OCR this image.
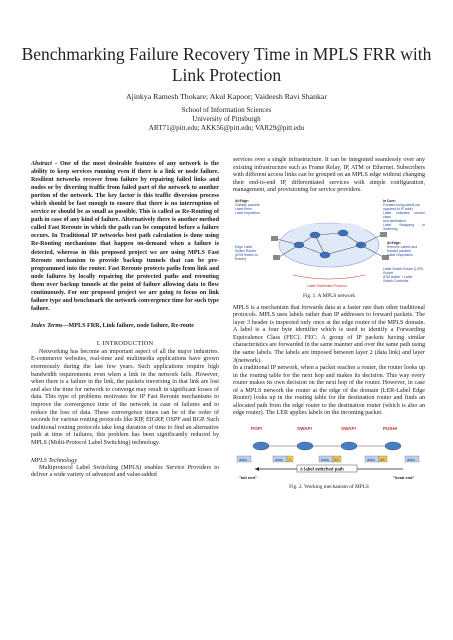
Benchmarking Failure Recovery Time in MPLS FRR with Link Protection
Ajinkya Ramesh Thokare; Akul Kapoor; Vaideesh Ravi Shankar
School of Information Sciences
University of Pittsburgh
ART71@pitt.edu; AKK56@pitt.edu; VAR29@pitt.edu

Abstract - One of the most desirable features of any network is the ability to keep services running even if there is a link or node failure. Resilient networks recover from failure by repairing failed links and nodes or by diverting traffic from failed part of the network to another portion of the network. The key factor is this traffic diversion process which should be fast enough to ensure that there is no interruption of service or should be as small as possible. This is called as Re-Routing of path in case of any kind of failure. Alternatively there is another method called Fast Reroute in which the path can be computed before a failure occurs. In Traditional IP networks best path calculation is done using Re-Routing mechanisms that happen on-demand when a failure is detected, whereas in this proposed project we are using MPLS Fast Reroute mechanism to provide backup tunnels that can be pre-programmed into the router. Fast Reroute protects paths from link and node failures by locally repairing the protected paths and rerouting them over backup tunnels at the point of failure allowing data to flow continuously. For our proposed project we are going to focus on link failure type and benchmark the network convergence time for such type failure.

Index Terms—MPLS FRR, Link failure, node failure, Re-route

I. INTRODUCTION

Networking has become an important aspect of all the major industries. E-commerce websites, real-time and multimedia applications have grown enormously during the last few years. Such applications require high bandwidth requirements even when a link in the network fails. However, when there is a failure in the link, the packets traversing in that link are lost and also the time for network to converge may result in significant losses of data. This type of problems motivates for IP Fast Reroute mechanisms to improve the convergence time of the network in case of failures and to reduce the loss of data. These convergence times can be of the order of seconds for various routing protocols like RIP, EIGRP, OSPF and BGP. Such traditional routing protocols take long duration of time to find an alternative path at time of failures, this problem has been significantly reduced by MPLS (Multi-Protocol Label Switching) technology.

MPLS Technology

Multiprotocol Label Switching (MPLS) enables Service Providers to deliver a wide variety of advanced and value-added

services over a single infrastructure. It can be integrated seamlessly over any existing infrastructure such as Frame Relay, IP, ATM or Ethernet. Subscribers with different access links can be grouped on an MPLS edge without changing their end-to-end IP, differentiated services with simple configuration, management, and provisioning for service providers.

At Edge:
Classify packets
Label them
Label Imposition
Edge Label
Switch Router
(ATM Switch or
Router)
In Core:
Forward using labels (as
opposed to IP addr)
Label indicates service class
and destination
Label Swapping or Switching
At Edge:
Remove Labels and
forward packets
Label Disposition
Label Switch Router (LSR)
Router
ATM switch + Label
Switch Controller
Label Distribution Protocol
Fig. 1. A MPLS network

MPLS is a mechanism that forwards data at a faster rate than other traditional protocols. MPLS uses labels rather than IP addresses to forward packets. The layer 3 header is inspected only once at the edge router of the MPLS domain. A label is a four byte identifier which is used to identify a Forwarding Equivalence Class (FEC). FEC: A group of IP packets having similar characteristics are forwarded in the same manner and over the same path using the same labels. The labels are imposed between layer 2 (data link) and layer 3(network).

In a traditional IP network, when a packet reaches a router, the router looks up in the routing table for the next hop and makes its decision. This way every router makes its own decision on the next hop of the router. However, in case of a MPLS network the router at the edge of the domain (LER-Label Edge Router) looks up in the routing table for the destination router and finds an allocated path from the edge router to the destination router (which is also an edge router). The LER applies labels on the incoming packet.

POP!	SWAP!	SWAP!	PUSH!
data	data 2	data 23	data 45	data
A label switched path
"tail end"	"head end"
Fig. 2. Working mechanism of MPLS
